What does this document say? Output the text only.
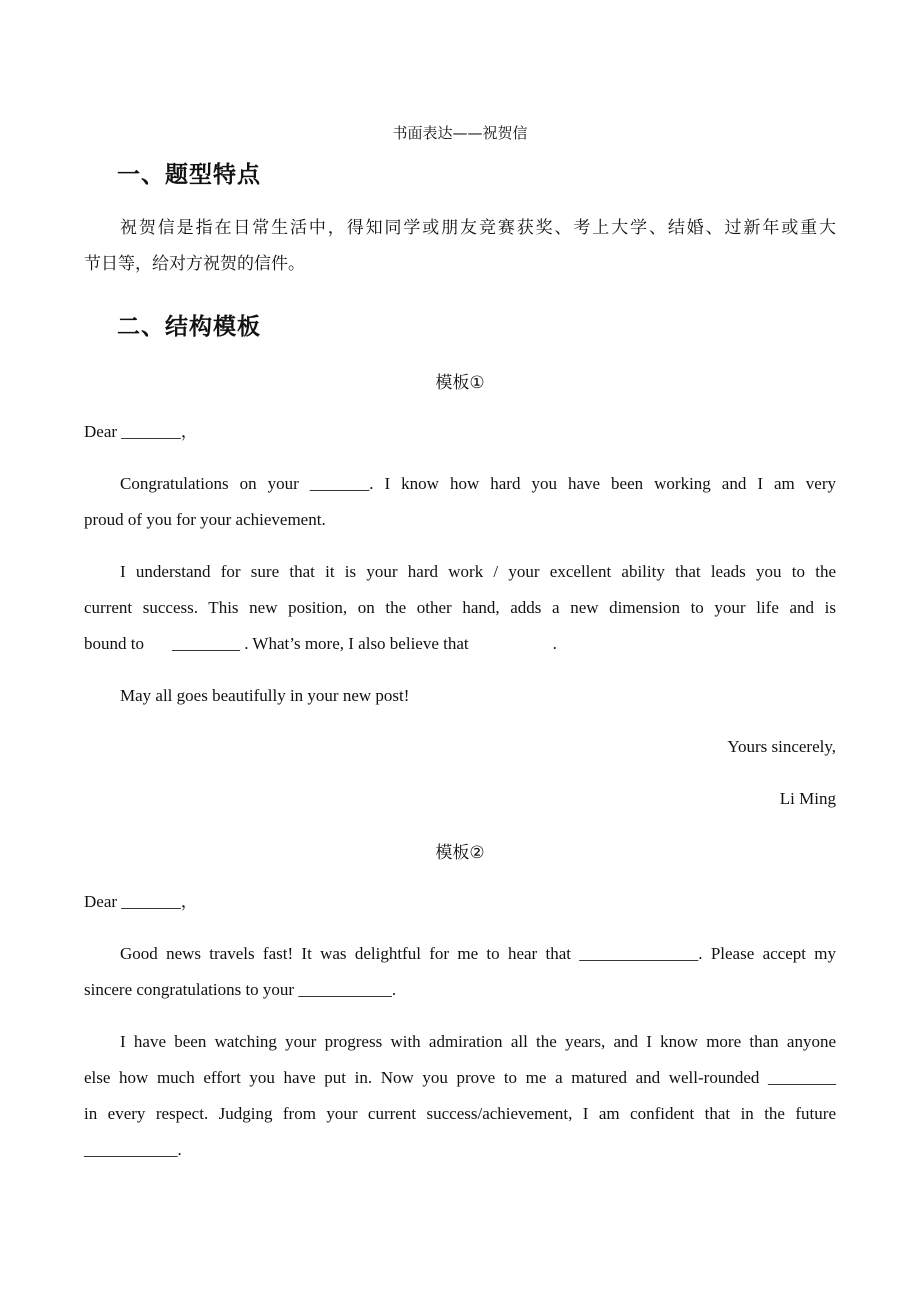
书面表达——祝贺信
一、题型特点
祝贺信是指在日常生活中，得知同学或朋友竞赛获奖、考上大学、结婚、过新年或重大
节日等，给对方祝贺的信件。
二、结构模板
模板①
Dear _______，
Congratulations on your _______. I know how hard you have been working and I am very
proud of you for your achievement.
I understand for sure that it is your hard work / your excellent ability that leads you to the
current success. This new position, on the other hand, adds a new dimension to your life and is
bound to ________ . What’s more, I also believe that	.
May all goes beautifully in your new post!
Yours sincerely,
Li Ming
模板②
Dear _______，
Good news travels fast! It was delightful for me to hear that ______________. Please accept my
sincere congratulations to your ___________.
I have been watching your progress with admiration all the years, and I know more than anyone
else how much effort you have put in. Now you prove to me a matured and well-rounded ________
in every respect. Judging from your current success/achievement, I am confident that in the future
___________.
